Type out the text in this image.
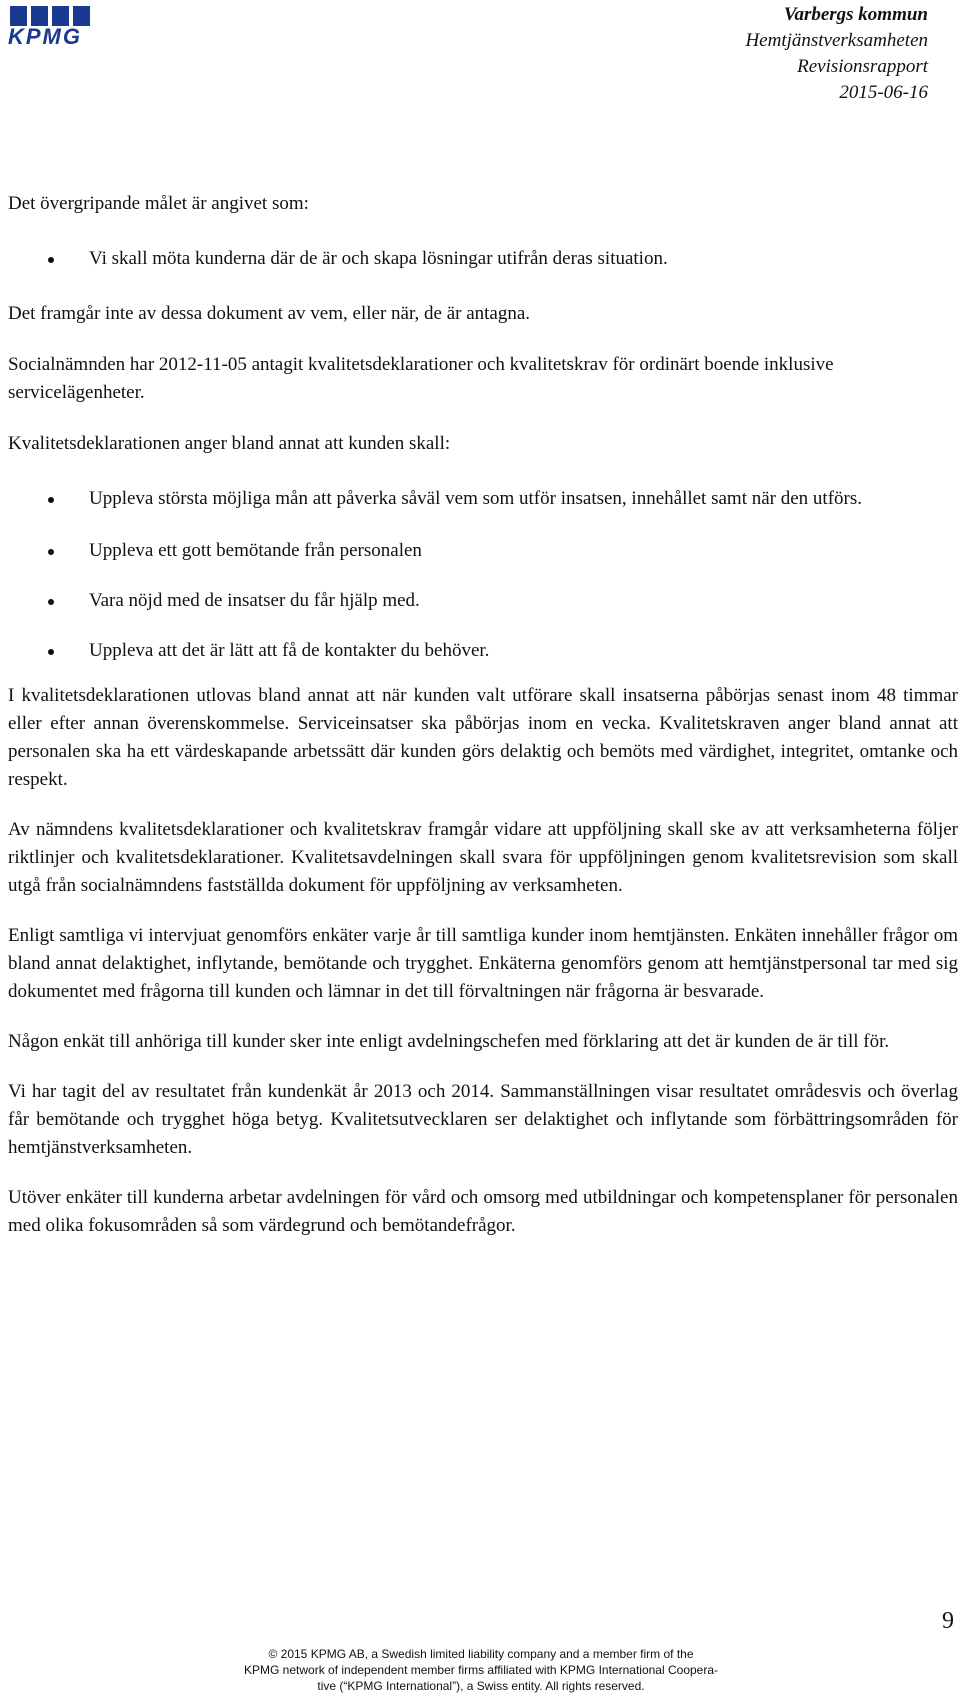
KPMG
Varbergs kommun
Hemtjänstverksamheten
Revisionsrapport
2015-06-16

Det övergripande målet är angivet som:

Vi skall möta kunderna där de är och skapa lösningar utifrån deras situation.

Det framgår inte av dessa dokument av vem, eller när, de är antagna.

Socialnämnden har 2012-11-05 antagit kvalitetsdeklarationer och kvalitetskrav för ordinärt boende inklusive servicelägenheter.

Kvalitetsdeklarationen anger bland annat att kunden skall:

Uppleva största möjliga mån att påverka såväl vem som utför insatsen, innehållet samt när den utförs.
Uppleva ett gott bemötande från personalen
Vara nöjd med de insatser du får hjälp med.
Uppleva att det är lätt att få de kontakter du behöver.

I kvalitetsdeklarationen utlovas bland annat att när kunden valt utförare skall insatserna påbörjas senast inom 48 timmar eller efter annan överenskommelse. Serviceinsatser ska påbörjas inom en vecka. Kvalitetskraven anger bland annat att personalen ska ha ett värdeskapande arbetssätt där kunden görs delaktig och bemöts med värdighet, integritet, omtanke och respekt.

Av nämndens kvalitetsdeklarationer och kvalitetskrav framgår vidare att uppföljning skall ske av att verksamheterna följer riktlinjer och kvalitetsdeklarationer. Kvalitetsavdelningen skall svara för uppföljningen genom kvalitetsrevision som skall utgå från socialnämndens fastställda dokument för uppföljning av verksamheten.

Enligt samtliga vi intervjuat genomförs enkäter varje år till samtliga kunder inom hemtjänsten. Enkäten innehåller frågor om bland annat delaktighet, inflytande, bemötande och trygghet. Enkäterna genomförs genom att hemtjänstpersonal tar med sig dokumentet med frågorna till kunden och lämnar in det till förvaltningen när frågorna är besvarade.

Någon enkät till anhöriga till kunder sker inte enligt avdelningschefen med förklaring att det är kunden de är till för.

Vi har tagit del av resultatet från kundenkät år 2013 och 2014. Sammanställningen visar resultatet områdesvis och överlag får bemötande och trygghet höga betyg. Kvalitetsutvecklaren ser delaktighet och inflytande som förbättringsområden för hemtjänstverksamheten.

Utöver enkäter till kunderna arbetar avdelningen för vård och omsorg med utbildningar och kompetensplaner för personalen med olika fokusområden så som värdegrund och bemötandefrågor.

9
© 2015 KPMG AB, a Swedish limited liability company and a member firm of the
KPMG network of independent member firms affiliated with KPMG International Coopera-
tive (“KPMG International”), a Swiss entity. All rights reserved.
